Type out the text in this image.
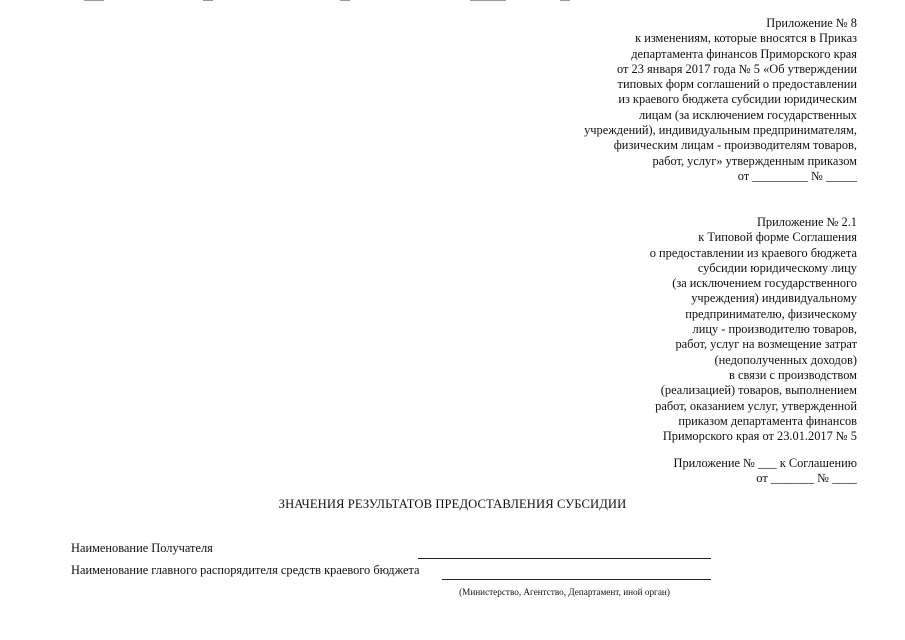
Приложение № 8
к изменениям, которые вносятся в Приказ
департамента финансов Приморского края
от 23 января 2017 года № 5 «Об утверждении
типовых форм соглашений о предоставлении
из краевого бюджета субсидии юридическим
лицам (за исключением государственных
учреждений), индивидуальным предпринимателям,
физическим лицам - производителям товаров,
работ, услуг» утвержденным приказом
от _________ № _____
Приложение № 2.1
к Типовой форме Соглашения
о предоставлении из краевого бюджета
субсидии юридическому лицу
(за исключением государственного
учреждения) индивидуальному
предпринимателю, физическому
лицу - производителю товаров,
работ, услуг на возмещение затрат
(недополученных доходов)
в связи с производством
(реализацией) товаров, выполнением
работ, оказанием услуг, утвержденной
приказом департамента финансов
Приморского края от 23.01.2017 № 5
Приложение № ___ к Соглашению
от _______ № ____
ЗНАЧЕНИЯ РЕЗУЛЬТАТОВ ПРЕДОСТАВЛЕНИЯ СУБСИДИИ
Наименование Получателя
Наименование главного распорядителя средств краевого бюджета
(Министерство, Агентство, Департамент, иной орган)
